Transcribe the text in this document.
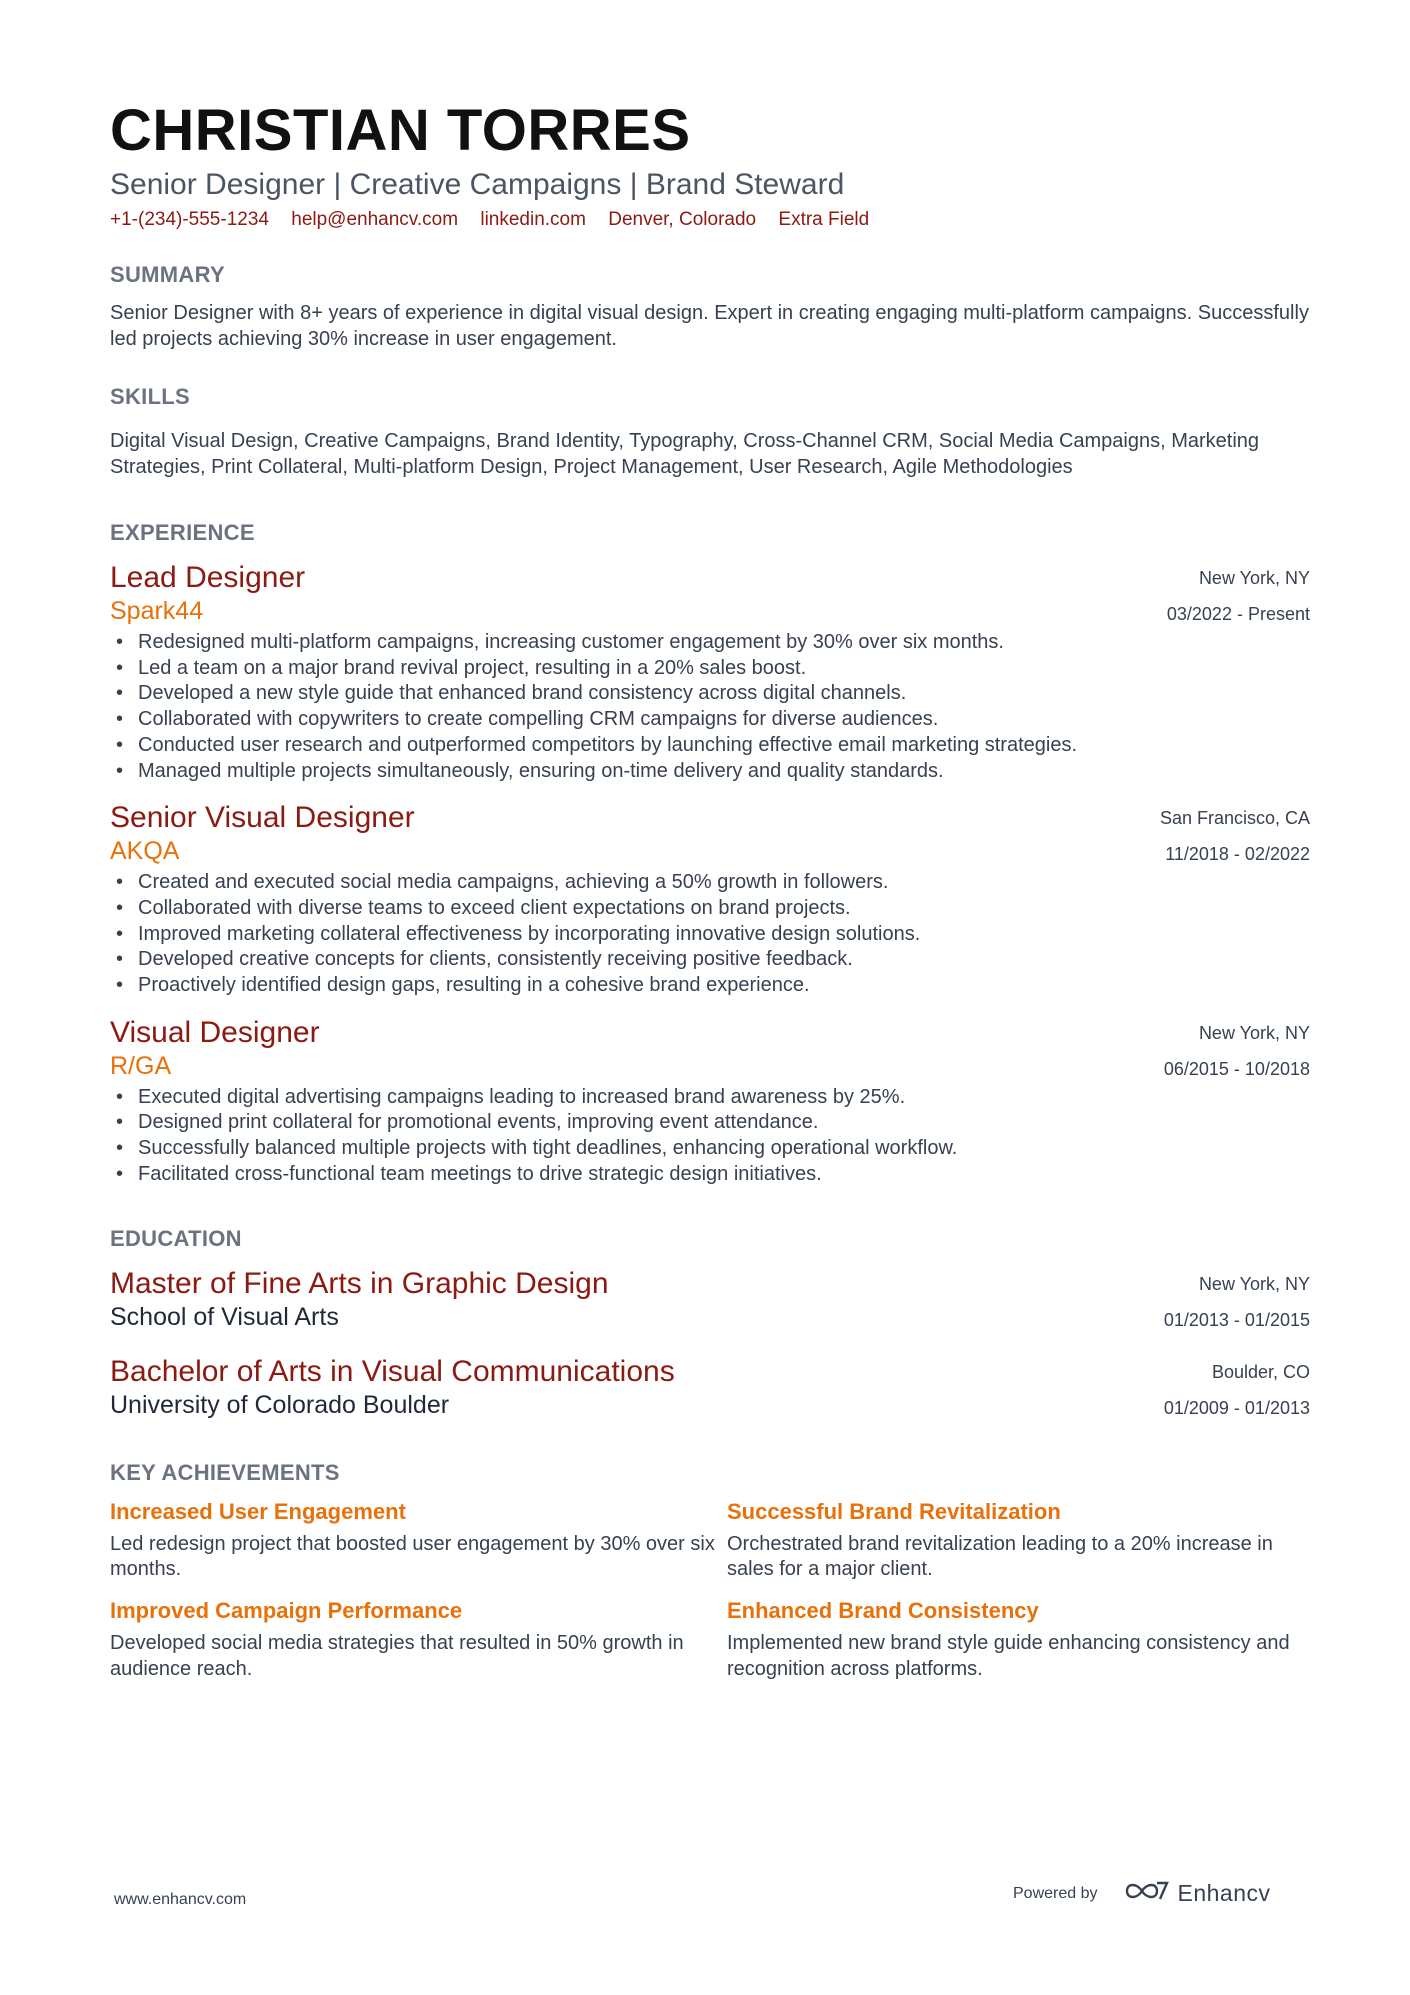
CHRISTIAN TORRES
Senior Designer | Creative Campaigns | Brand Steward
+1-(234)-555-1234 help@enhancv.com linkedin.com Denver, Colorado Extra Field
SUMMARY
Senior Designer with 8+ years of experience in digital visual design. Expert in creating engaging multi-platform campaigns. Successfully led projects achieving 30% increase in user engagement.
SKILLS
Digital Visual Design, Creative Campaigns, Brand Identity, Typography, Cross-Channel CRM, Social Media Campaigns, Marketing Strategies, Print Collateral, Multi-platform Design, Project Management, User Research, Agile Methodologies
EXPERIENCE
Lead Designer
Spark44
New York, NY
03/2022 - Present
• Redesigned multi-platform campaigns, increasing customer engagement by 30% over six months.
• Led a team on a major brand revival project, resulting in a 20% sales boost.
• Developed a new style guide that enhanced brand consistency across digital channels.
• Collaborated with copywriters to create compelling CRM campaigns for diverse audiences.
• Conducted user research and outperformed competitors by launching effective email marketing strategies.
• Managed multiple projects simultaneously, ensuring on-time delivery and quality standards.
Senior Visual Designer
AKQA
San Francisco, CA
11/2018 - 02/2022
• Created and executed social media campaigns, achieving a 50% growth in followers.
• Collaborated with diverse teams to exceed client expectations on brand projects.
• Improved marketing collateral effectiveness by incorporating innovative design solutions.
• Developed creative concepts for clients, consistently receiving positive feedback.
• Proactively identified design gaps, resulting in a cohesive brand experience.
Visual Designer
R/GA
New York, NY
06/2015 - 10/2018
• Executed digital advertising campaigns leading to increased brand awareness by 25%.
• Designed print collateral for promotional events, improving event attendance.
• Successfully balanced multiple projects with tight deadlines, enhancing operational workflow.
• Facilitated cross-functional team meetings to drive strategic design initiatives.
EDUCATION
Master of Fine Arts in Graphic Design
School of Visual Arts
New York, NY
01/2013 - 01/2015
Bachelor of Arts in Visual Communications
University of Colorado Boulder
Boulder, CO
01/2009 - 01/2013
KEY ACHIEVEMENTS
Increased User Engagement
Led redesign project that boosted user engagement by 30% over six months.
Successful Brand Revitalization
Orchestrated brand revitalization leading to a 20% increase in sales for a major client.
Improved Campaign Performance
Developed social media strategies that resulted in 50% growth in audience reach.
Enhanced Brand Consistency
Implemented new brand style guide enhancing consistency and recognition across platforms.
www.enhancv.com	Powered by	Enhancv
